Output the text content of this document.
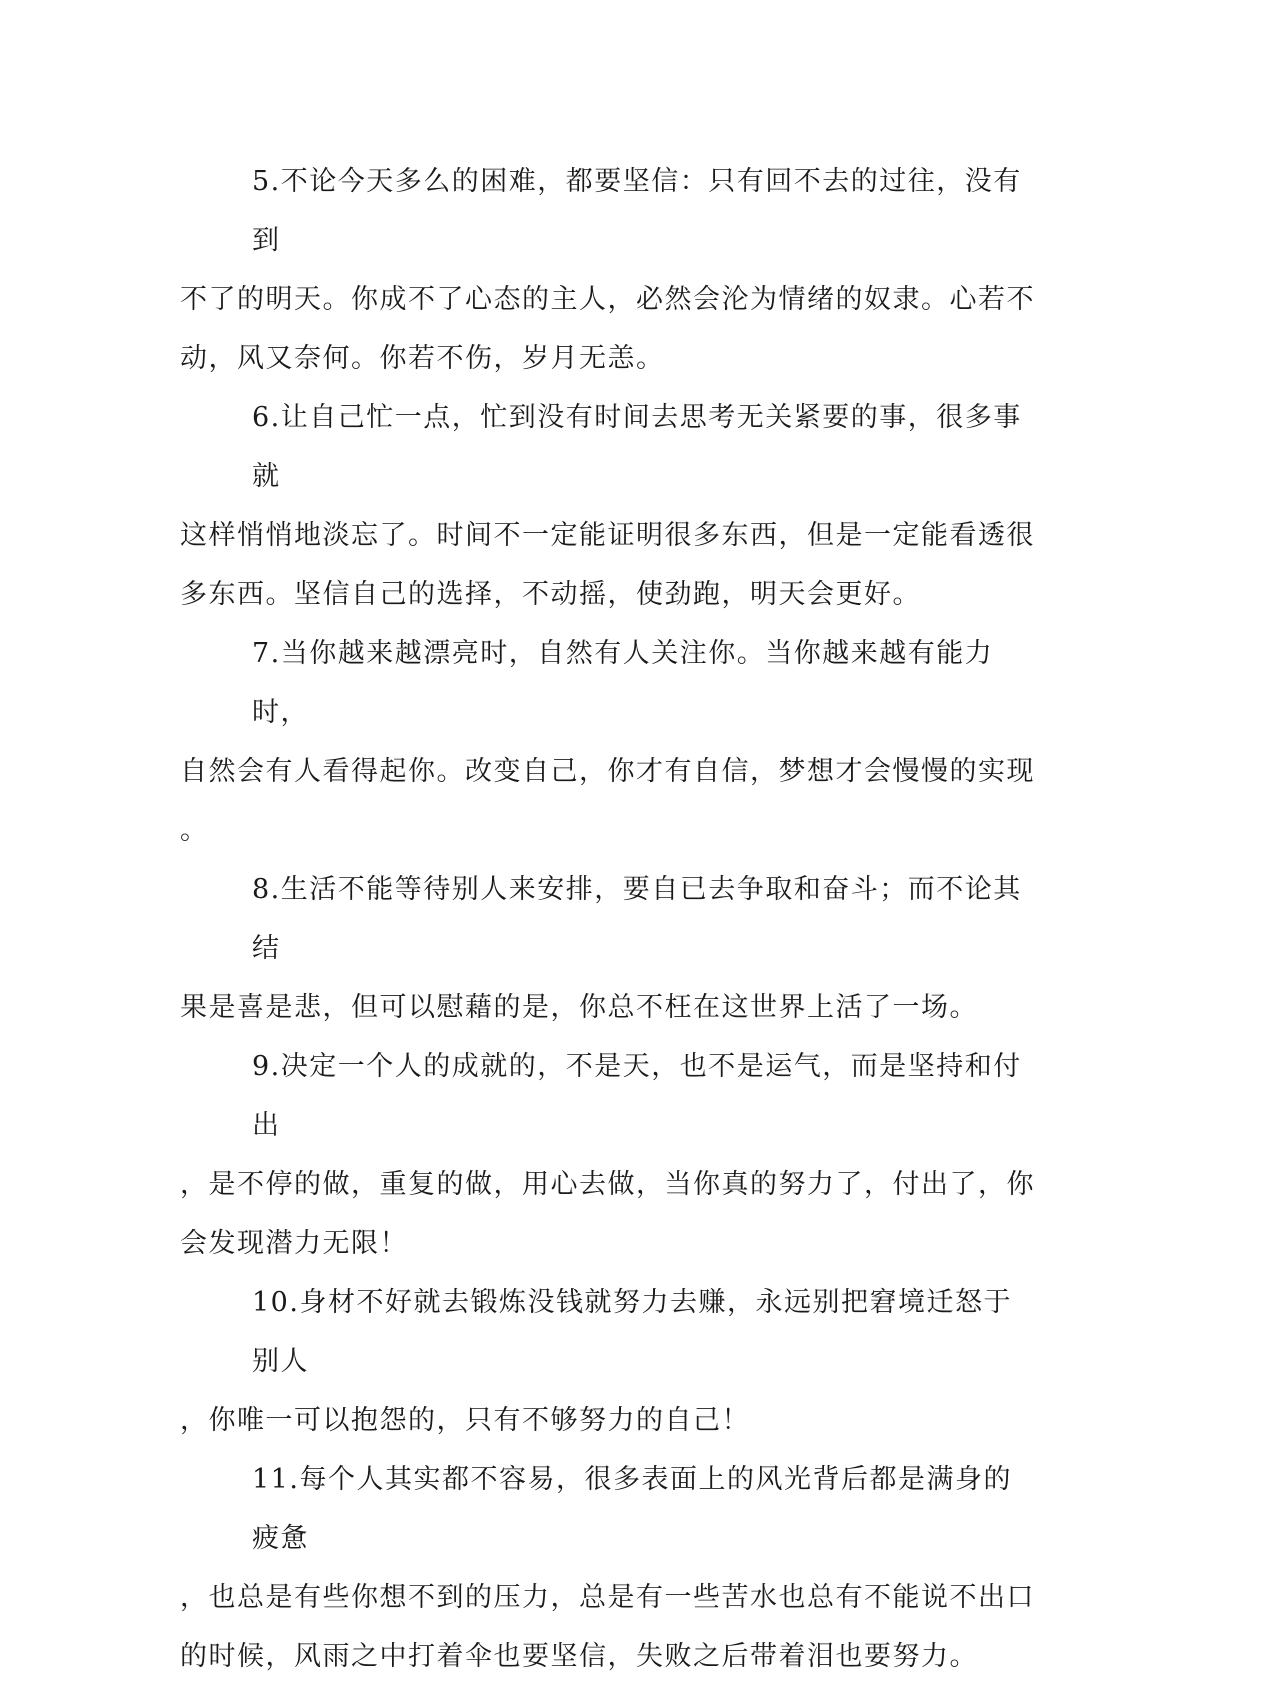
5.不论今天多么的困难，都要坚信：只有回不去的过往，没有到
不了的明天。你成不了心态的主人，必然会沦为情绪的奴隶。心若不
动，风又奈何。你若不伤，岁月无恙。

6.让自己忙一点，忙到没有时间去思考无关紧要的事，很多事就
这样悄悄地淡忘了。时间不一定能证明很多东西，但是一定能看透很
多东西。坚信自己的选择，不动摇，使劲跑，明天会更好。

7.当你越来越漂亮时，自然有人关注你。当你越来越有能力时，
自然会有人看得起你。改变自己，你才有自信，梦想才会慢慢的实现
。

8.生活不能等待别人来安排，要自已去争取和奋斗；而不论其结
果是喜是悲，但可以慰藉的是，你总不枉在这世界上活了一场。

9.决定一个人的成就的，不是天，也不是运气，而是坚持和付出
，是不停的做，重复的做，用心去做，当你真的努力了，付出了，你
会发现潜力无限！

10.身材不好就去锻炼没钱就努力去赚，永远别把窘境迁怒于别人
，你唯一可以抱怨的，只有不够努力的自己！

11.每个人其实都不容易，很多表面上的风光背后都是满身的疲惫
，也总是有些你想不到的压力，总是有一些苦水也总有不能说不出口
的时候，风雨之中打着伞也要坚信，失败之后带着泪也要努力。
